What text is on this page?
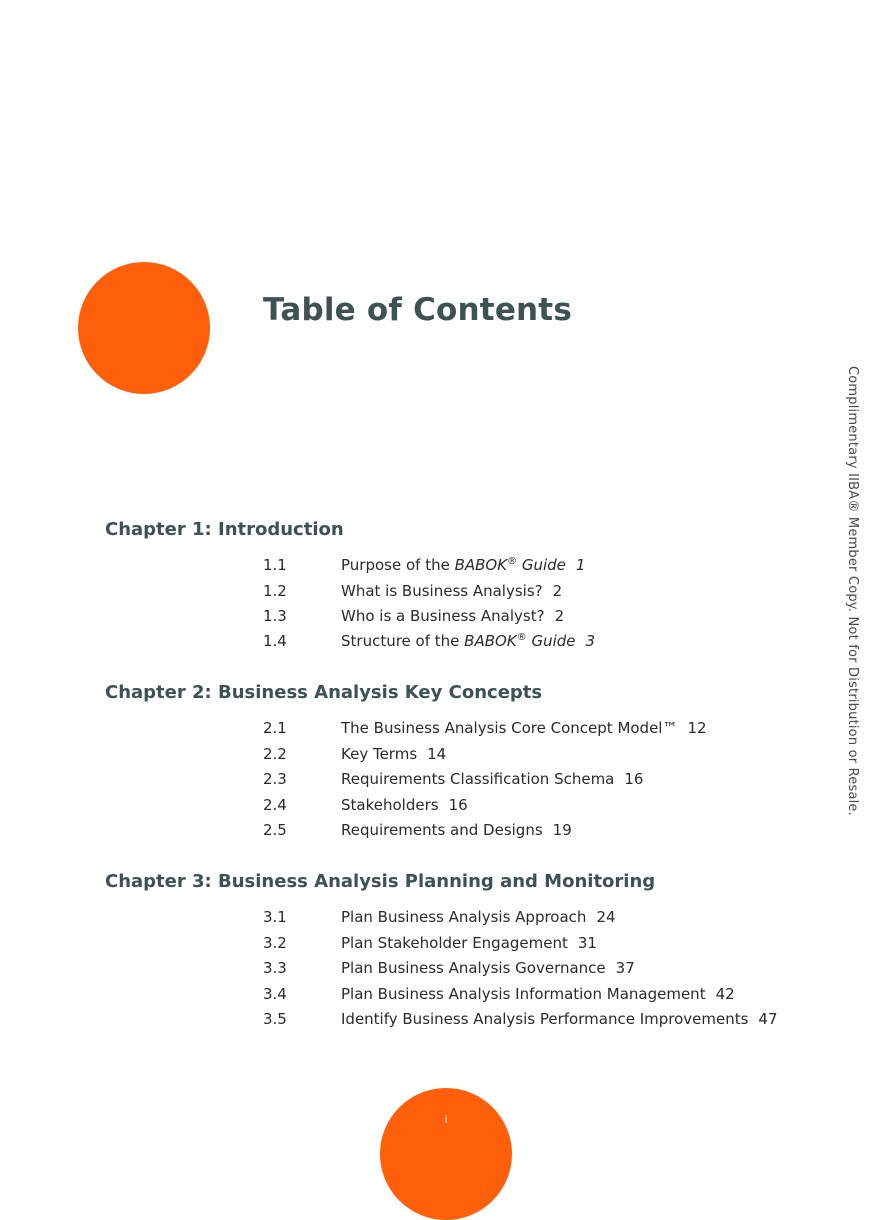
Table of Contents
Complimentary IIBA® Member Copy. Not for Distribution or Resale.
Chapter 1: Introduction
1.1	Purpose of the BABOK® Guide 1
1.2	What is Business Analysis? 2
1.3	Who is a Business Analyst? 2
1.4	Structure of the BABOK® Guide 3
Chapter 2: Business Analysis Key Concepts
2.1	The Business Analysis Core Concept Model™ 12
2.2	Key Terms 14
2.3	Requirements Classification Schema 16
2.4	Stakeholders 16
2.5	Requirements and Designs 19
Chapter 3: Business Analysis Planning and Monitoring
3.1	Plan Business Analysis Approach 24
3.2	Plan Stakeholder Engagement 31
3.3	Plan Business Analysis Governance 37
3.4	Plan Business Analysis Information Management 42
3.5	Identify Business Analysis Performance Improvements 47
i
